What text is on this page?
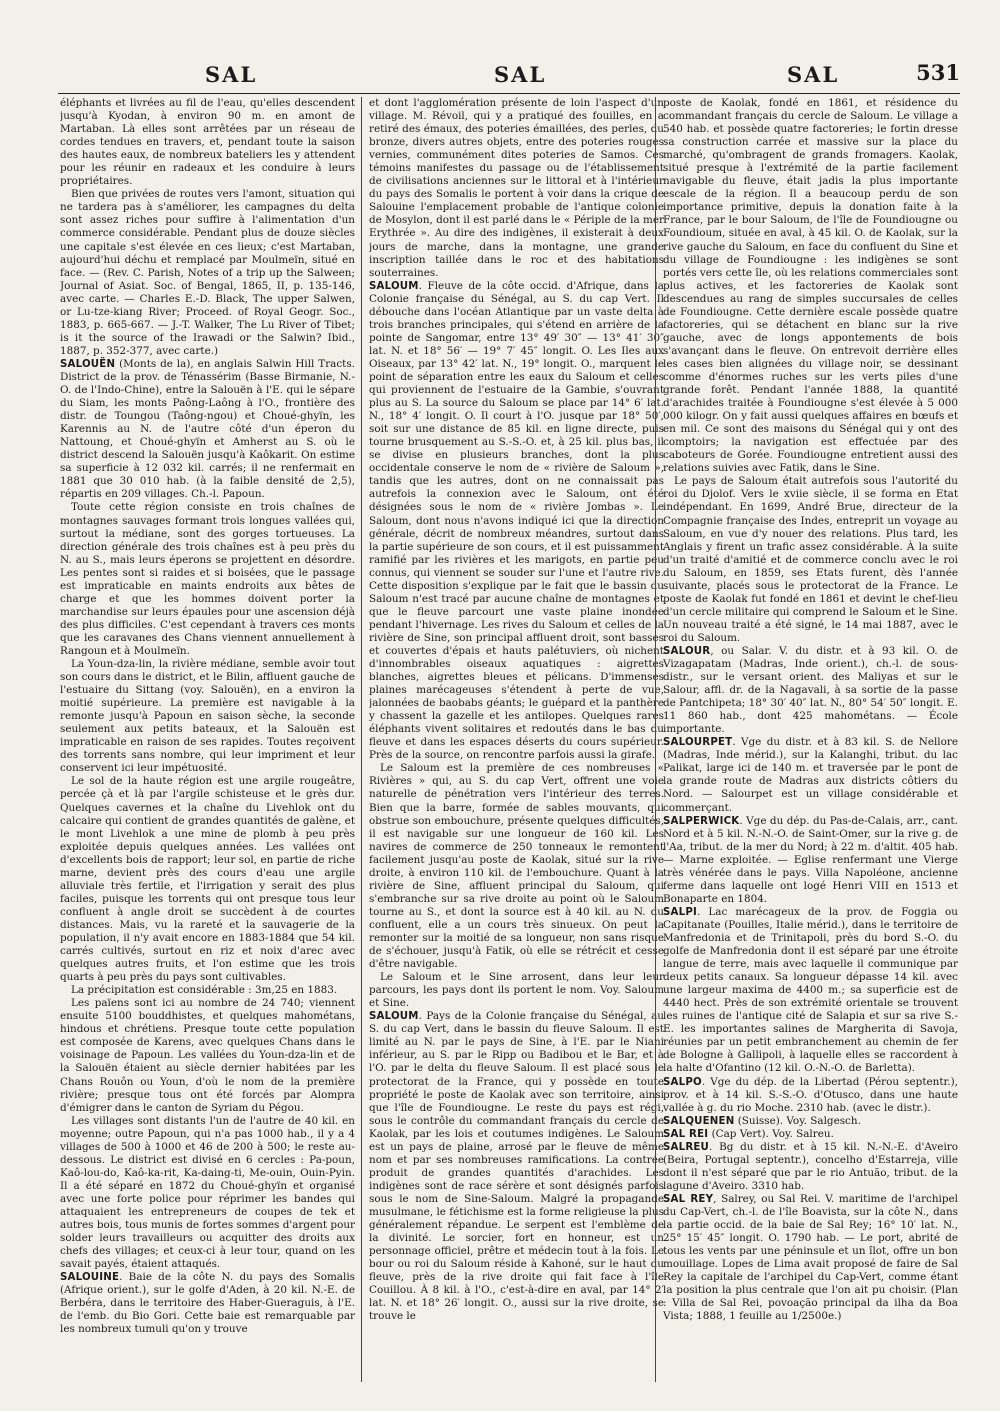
SAL	SAL	SAL	531

éléphants et livrées au fil de l'eau, qu'elles descendent jusqu'à Kyodan, à environ 90 m. en amont de Martaban. Là elles sont arrêtées par un réseau de cordes tendues en travers, et, pendant toute la saison des hautes eaux, de nombreux bateliers les y attendent pour les réunir en radeaux et les conduire à leurs propriétaires.

Bien que privées de routes vers l'amont, situation qui ne tardera pas à s'améliorer, les campagnes du delta sont assez riches pour suffire à l'alimentation d'un commerce considérable. Pendant plus de douze siècles une capitale s'est élevée en ces lieux; c'est Martaban, aujourd'hui déchu et remplacé par Moulmeïn, situé en face. — (Rev. C. Parish, Notes of a trip up the Salween; Journal of Asiat. Soc. of Bengal, 1865, II, p. 135-146, avec carte. — Charles E.-D. Black, The upper Salwen, or Lu-tze-kiang River; Proceed. of Royal Geogr. Soc., 1883, p. 665-667. — J.-T. Walker, The Lu River of Tibet; is it the source of the Irawadi or the Salwin? Ibid., 1887, p. 352-377, avec carte.)

SALOUËN (Monts de la), en anglais Salwin Hill Tracts. District de la prov. de Ténassérim (Basse Birmanie, N.-O. de l'Indo-Chine), entre la Salouën à l'E. qui le sépare du Siam, les monts Paông-Laông à l'O., frontière des distr. de Toungou (Taông-ngou) et Choué-ghyïn, les Karennis au N. de l'autre côté d'un éperon du Nattoung, et Choué-ghyïn et Amherst au S. où le district descend la Salouën jusqu'à Kaôkarit. On estime sa superficie à 12 032 kil. carrés; il ne renfermait en 1881 que 30 010 hab. (à la faible densité de 2,5), répartis en 209 villages. Ch.-l. Papoun.

Toute cette région consiste en trois chaînes de montagnes sauvages formant trois longues vallées qui, surtout la médiane, sont des gorges tortueuses. La direction générale des trois chaînes est à peu près du N. au S., mais leurs éperons se projettent en désordre. Les pentes sont si raides et si boisées, que le passage est impraticable en maints endroits aux bêtes de charge et que les hommes doivent porter la marchandise sur leurs épaules pour une ascension déjà des plus difficiles. C'est cependant à travers ces monts que les caravanes des Chans viennent annuellement à Rangoun et à Moulmeïn.

La Youn-dza-lin, la rivière médiane, semble avoir tout son cours dans le district, et le Bilin, affluent gauche de l'estuaire du Sittang (voy. Salouën), en a environ la moitié supérieure. La première est navigable à la remonte jusqu'à Papoun en saison sèche, la seconde seulement aux petits bateaux, et la Salouën est impraticable en raison de ses rapides. Toutes reçoivent des torrents sans nombre, qui leur impriment et leur conservent ici leur impétuosité.

Le sol de la haute région est une argile rougeâtre, percée çà et là par l'argile schisteuse et le grès dur. Quelques cavernes et la chaîne du Livehlok ont du calcaire qui contient de grandes quantités de galène, et le mont Livehlok a une mine de plomb à peu près exploitée depuis quelques années. Les vallées ont d'excellents bois de rapport; leur sol, en partie de riche marne, devient près des cours d'eau une argile alluviale très fertile, et l'irrigation y serait des plus faciles, puisque les torrents qui ont presque tous leur confluent à angle droit se succèdent à de courtes distances. Mais, vu la rareté et la sauvagerie de la population, il n'y avait encore en 1883-1884 que 54 kil. carrés cultivés, surtout en riz et noix d'arec avec quelques autres fruits, et l'on estime que les trois quarts à peu près du pays sont cultivables.

La précipitation est considérable : 3m,25 en 1883.

Les païens sont ici au nombre de 24 740; viennent ensuite 5100 bouddhistes, et quelques mahométans, hindous et chrétiens. Presque toute cette population est composée de Karens, avec quelques Chans dans le voisinage de Papoun. Les vallées du Youn-dza-lin et de la Salouën étaient au siècle dernier habitées par les Chans Rouôn ou Youn, d'où le nom de la première rivière; presque tous ont été forcés par Alompra d'émigrer dans le canton de Syriam du Pégou.

Les villages sont distants l'un de l'autre de 40 kil. en moyenne; outre Papoun, qui n'a pas 1000 hab., il y a 4 villages de 500 à 1000 et 46 de 200 à 500; le reste au-dessous. Le district est divisé en 6 cercles : Pa-poun, Kaô-lou-do, Kaô-ka-rit, Ka-daing-ti, Me-ouin, Ouin-Pyin. Il a été séparé en 1872 du Choué-ghyïn et organisé avec une forte police pour réprimer les bandes qui attaquaient les entrepreneurs de coupes de tek et autres bois, tous munis de fortes sommes d'argent pour solder leurs travailleurs ou acquitter des droits aux chefs des villages; et ceux-ci à leur tour, quand on les savait payés, étaient attaqués.

SALOUINE. Baie de la côte N. du pays des Somalis (Afrique orient.), sur le golfe d'Aden, à 20 kil. N.-E. de Berbéra, dans le territoire des Haber-Gueraguis, à l'E. de l'emb. du Bio Gori. Cette baie est remarquable par les nombreux tumuli qu'on y trouve

et dont l'agglomération présente de loin l'aspect d'un village. M. Révoil, qui y a pratiqué des fouilles, en a retiré des émaux, des poteries émaillées, des perles, du bronze, divers autres objets, entre des poteries rouges vernies, communément dites poteries de Samos. Ces témoins manifestes du passage ou de l'établissement de civilisations anciennes sur le littoral et à l'intérieur du pays des Somalis le portent à voir dans la crique de Salouine l'emplacement probable de l'antique colonie de Mosylon, dont il est parlé dans le « Périple de la mer Erythrée ». Au dire des indigènes, il existerait à deux jours de marche, dans la montagne, une grande inscription taillée dans le roc et des habitations souterraines.

SALOUM. Fleuve de la côte occid. d'Afrique, dans la Colonie française du Sénégal, au S. du cap Vert. Il débouche dans l'océan Atlantique par un vaste delta à trois branches principales, qui s'étend en arrière de la pointe de Sangomar, entre 13° 49′ 30″ — 13° 41′ 30″ lat. N. et 18° 56′ — 19° 7′ 45″ longit. O. Les Iles aux Oiseaux, par 13° 42′ lat. N., 19° longit. O., marquent le point de séparation entre les eaux du Saloum et celles qui proviennent de l'estuaire de la Gambie, s'ouvrant plus au S. La source du Saloum se place par 14° 6′ lat. N., 18° 4′ longit. O. Il court à l'O. jusque par 18° 50′, soit sur une distance de 85 kil. en ligne directe, puis tourne brusquement au S.-S.-O. et, à 25 kil. plus bas, il se divise en plusieurs branches, dont la plus occidentale conserve le nom de « rivière de Saloum », tandis que les autres, dont on ne connaissait pas autrefois la connexion avec le Saloum, ont été désignées sous le nom de « rivière Jombas ». Le Saloum, dont nous n'avons indiqué ici que la direction générale, décrit de nombreux méandres, surtout dans la partie supérieure de son cours, et il est puissamment ramifié par les rivières et les marigots, en partie peu connus, qui viennent se souder sur l'une et l'autre rive. Cette disposition s'explique par le fait que le bassin du Saloum n'est tracé par aucune chaîne de montagnes et que le fleuve parcourt une vaste plaine inondée pendant l'hivernage. Les rives du Saloum et celles de la rivière de Sine, son principal affluent droit, sont basses et couvertes d'épais et hauts palétuviers, où nichent d'innombrables oiseaux aquatiques : aigrettes blanches, aigrettes bleues et pélicans. D'immenses plaines marécageuses s'étendent à perte de vue, jalonnées de baobabs géants; le guépard et la panthère y chassent la gazelle et les antilopes. Quelques rares éléphants vivent solitaires et redoutés dans le bas du fleuve et dans les espaces déserts du cours supérieur. Près de la source, on rencontre parfois aussi la girafe.

Le Saloum est la première de ces nombreuses « Rivières » qui, au S. du cap Vert, offrent une voie naturelle de pénétration vers l'intérieur des terres. Bien que la barre, formée de sables mouvants, qui obstrue son embouchure, présente quelques difficultés, il est navigable sur une longueur de 160 kil. Les navires de commerce de 250 tonneaux le remontent facilement jusqu'au poste de Kaolak, situé sur la rive droite, à environ 110 kil. de l'embouchure. Quant à la rivière de Sine, affluent principal du Saloum, qui s'embranche sur sa rive droite au point où le Saloum tourne au S., et dont la source est à 40 kil. au N. du confluent, elle a un cours très sinueux. On peut la remonter sur la moitié de sa longueur, non sans risque de s'échouer, jusqu'à Fatik, où elle se rétrécit et cesse d'être navigable.

Le Saloum et le Sine arrosent, dans leur leur parcours, les pays dont ils portent le nom. Voy. Saloum et Sine.

SALOUM. Pays de la Colonie française du Sénégal, au S. du cap Vert, dans le bassin du fleuve Saloum. Il est limité au N. par le pays de Sine, à l'E. par le Niani inférieur, au S. par le Ripp ou Badibou et le Bar, et à l'O. par le delta du fleuve Saloum. Il est placé sous le protectorat de la France, qui y possède en toute propriété le poste de Kaolak avec son territoire, ainsi que l'île de Foundiougne. Le reste du pays est régi, sous le contrôle du commandant français du cercle de Kaolak, par les lois et coutumes indigènes. Le Saloum est un pays de plaine, arrosé par le fleuve de même nom et par ses nombreuses ramifications. La contrée produit de grandes quantités d'arachides. Les indigènes sont de race sérère et sont désignés parfois sous le nom de Sine-Saloum. Malgré la propagande musulmane, le fétichisme est la forme religieuse la plus généralement répandue. Le serpent est l'emblème de la divinité. Le sorcier, fort en honneur, est un personnage officiel, prêtre et médecin tout à la fois. Le bour ou roi du Saloum réside à Kahoné, sur le haut du fleuve, près de la rive droite qui fait face à l'île Couillou. À 8 kil. à l'O., c'est-à-dire en aval, par 14° 2′ lat. N. et 18° 26′ longit. O., aussi sur la rive droite, se trouve le

poste de Kaolak, fondé en 1861, et résidence du commandant français du cercle de Saloum. Le village a 540 hab. et possède quatre factoreries; le fortin dresse sa construction carrée et massive sur la place du marché, qu'ombragent de grands fromagers. Kaolak, situé presque à l'extrémité de la partie facilement navigable du fleuve, était jadis la plus importante escale de la région. Il a beaucoup perdu de son importance primitive, depuis la donation faite à la France, par le bour Saloum, de l'île de Foundiougne ou Foundioum, située en aval, à 45 kil. O. de Kaolak, sur la rive gauche du Saloum, en face du confluent du Sine et du village de Foundiougne : les indigènes se sont portés vers cette île, où les relations commerciales sont plus actives, et les factoreries de Kaolak sont descendues au rang de simples succursales de celles de Foundiougne. Cette dernière escale possède quatre factoreries, qui se détachent en blanc sur la rive gauche, avec de longs appontements de bois s'avançant dans le fleuve. On entrevoit derrière elles les cases bien alignées du village noir, se dessinant comme d'énormes ruches sur les verts piles d'une grande forêt. Pendant l'année 1888, la quantité d'arachides traitée à Foundiougne s'est élevée à 5 000 000 kilogr. On y fait aussi quelques affaires en bœufs et en mil. Ce sont des maisons du Sénégal qui y ont des comptoirs; la navigation est effectuée par des caboteurs de Gorée. Foundiougne entretient aussi des relations suivies avec Fatik, dans le Sine.

Le pays de Saloum était autrefois sous l'autorité du roi du Djolof. Vers le xviie siècle, il se forma en Etat indépendant. En 1699, André Brue, directeur de la Compagnie française des Indes, entreprit un voyage au Saloum, en vue d'y nouer des relations. Plus tard, les Anglais y firent un trafic assez considérable. À la suite d'un traité d'amitié et de commerce conclu avec le roi du Saloum, en 1859, ses Etats furent, dès l'année suivante, placés sous le protectorat de la France. Le poste de Kaolak fut fondé en 1861 et devint le chef-lieu d'un cercle militaire qui comprend le Saloum et le Sine. Un nouveau traité a été signé, le 14 mai 1887, avec le roi du Saloum.

SALOUR, ou Salar. V. du distr. et à 93 kil. O. de Vizagapatam (Madras, Inde orient.), ch.-l. de sous-distr., sur le versant orient. des Maliyas et sur le Salour, affl. dr. de la Nagavali, à sa sortie de la passe de Pantchipeta; 18° 30′ 40″ lat. N., 80° 54′ 50″ longit. E. 11 860 hab., dont 425 mahométans. — École importante.

SALOURPET. Vge du distr. et à 83 kil. S. de Nellore (Madras, Inde mérid.), sur la Kalanghi, tribut. du lac Palikat, large ici de 140 m. et traversée par le pont de la grande route de Madras aux districts côtiers du Nord. — Salourpet est un village considérable et commerçant.

SALPERWICK. Vge du dép. du Pas-de-Calais, arr., cant. Nord et à 5 kil. N.-N.-O. de Saint-Omer, sur la rive g. de l'Aa, tribut. de la mer du Nord; à 22 m. d'altit. 405 hab. — Marne exploitée. — Eglise renfermant une Vierge très vénérée dans le pays. Villa Napoléone, ancienne ferme dans laquelle ont logé Henri VIII en 1513 et Bonaparte en 1804.

SALPI. Lac marécageux de la prov. de Foggia ou Capitanate (Pouilles, Italie mérid.), dans le territoire de Manfredonia et de Trinitapoli, près du bord S.-O. du golfe de Manfredonia dont il est séparé par une étroite langue de terre, mais avec laquelle il communique par deux petits canaux. Sa longueur dépasse 14 kil. avec une largeur maxima de 4400 m.; sa superficie est de 4440 hect. Près de son extrémité orientale se trouvent les ruines de l'antique cité de Salapia et sur sa rive S.-E. les importantes salines de Margherita di Savoja, réunies par un petit embranchement au chemin de fer de Bologne à Gallipoli, à laquelle elles se raccordent à la halte d'Ofantino (12 kil. O.-N.-O. de Barletta).

SALPO. Vge du dép. de la Libertad (Pérou septentr.), prov. et à 14 kil. S.-S.-O. d'Otusco, dans une haute vallée à g. du rio Moche. 2310 hab. (avec le distr.).

SALQUENEN (Suisse). Voy. Salgesch.

SAL REI (Cap Vert). Voy. Salreu.

SALREU. Bg du distr. et à 15 kil. N.-N.-E. d'Aveiro (Beira, Portugal septentr.), concelho d'Estarreja, ville dont il n'est séparé que par le rio Antuão, tribut. de la lagune d'Aveiro. 3310 hab.

SAL REY, Salrey, ou Sal Rei. V. maritime de l'archipel du Cap-Vert, ch.-l. de l'île Boavista, sur la côte N., dans la partie occid. de la baie de Sal Rey; 16° 10′ lat. N., 25° 15′ 45″ longit. O. 1790 hab. — Le port, abrité de tous les vents par une péninsule et un îlot, offre un bon mouillage. Lopes de Lima avait proposé de faire de Sal Rey la capitale de l'archipel du Cap-Vert, comme étant la position la plus centrale que l'on ait pu choisir. (Plan : Villa de Sal Rei, povoação principal da ilha da Boa Vista; 1888, 1 feuille au 1/2500e.)
